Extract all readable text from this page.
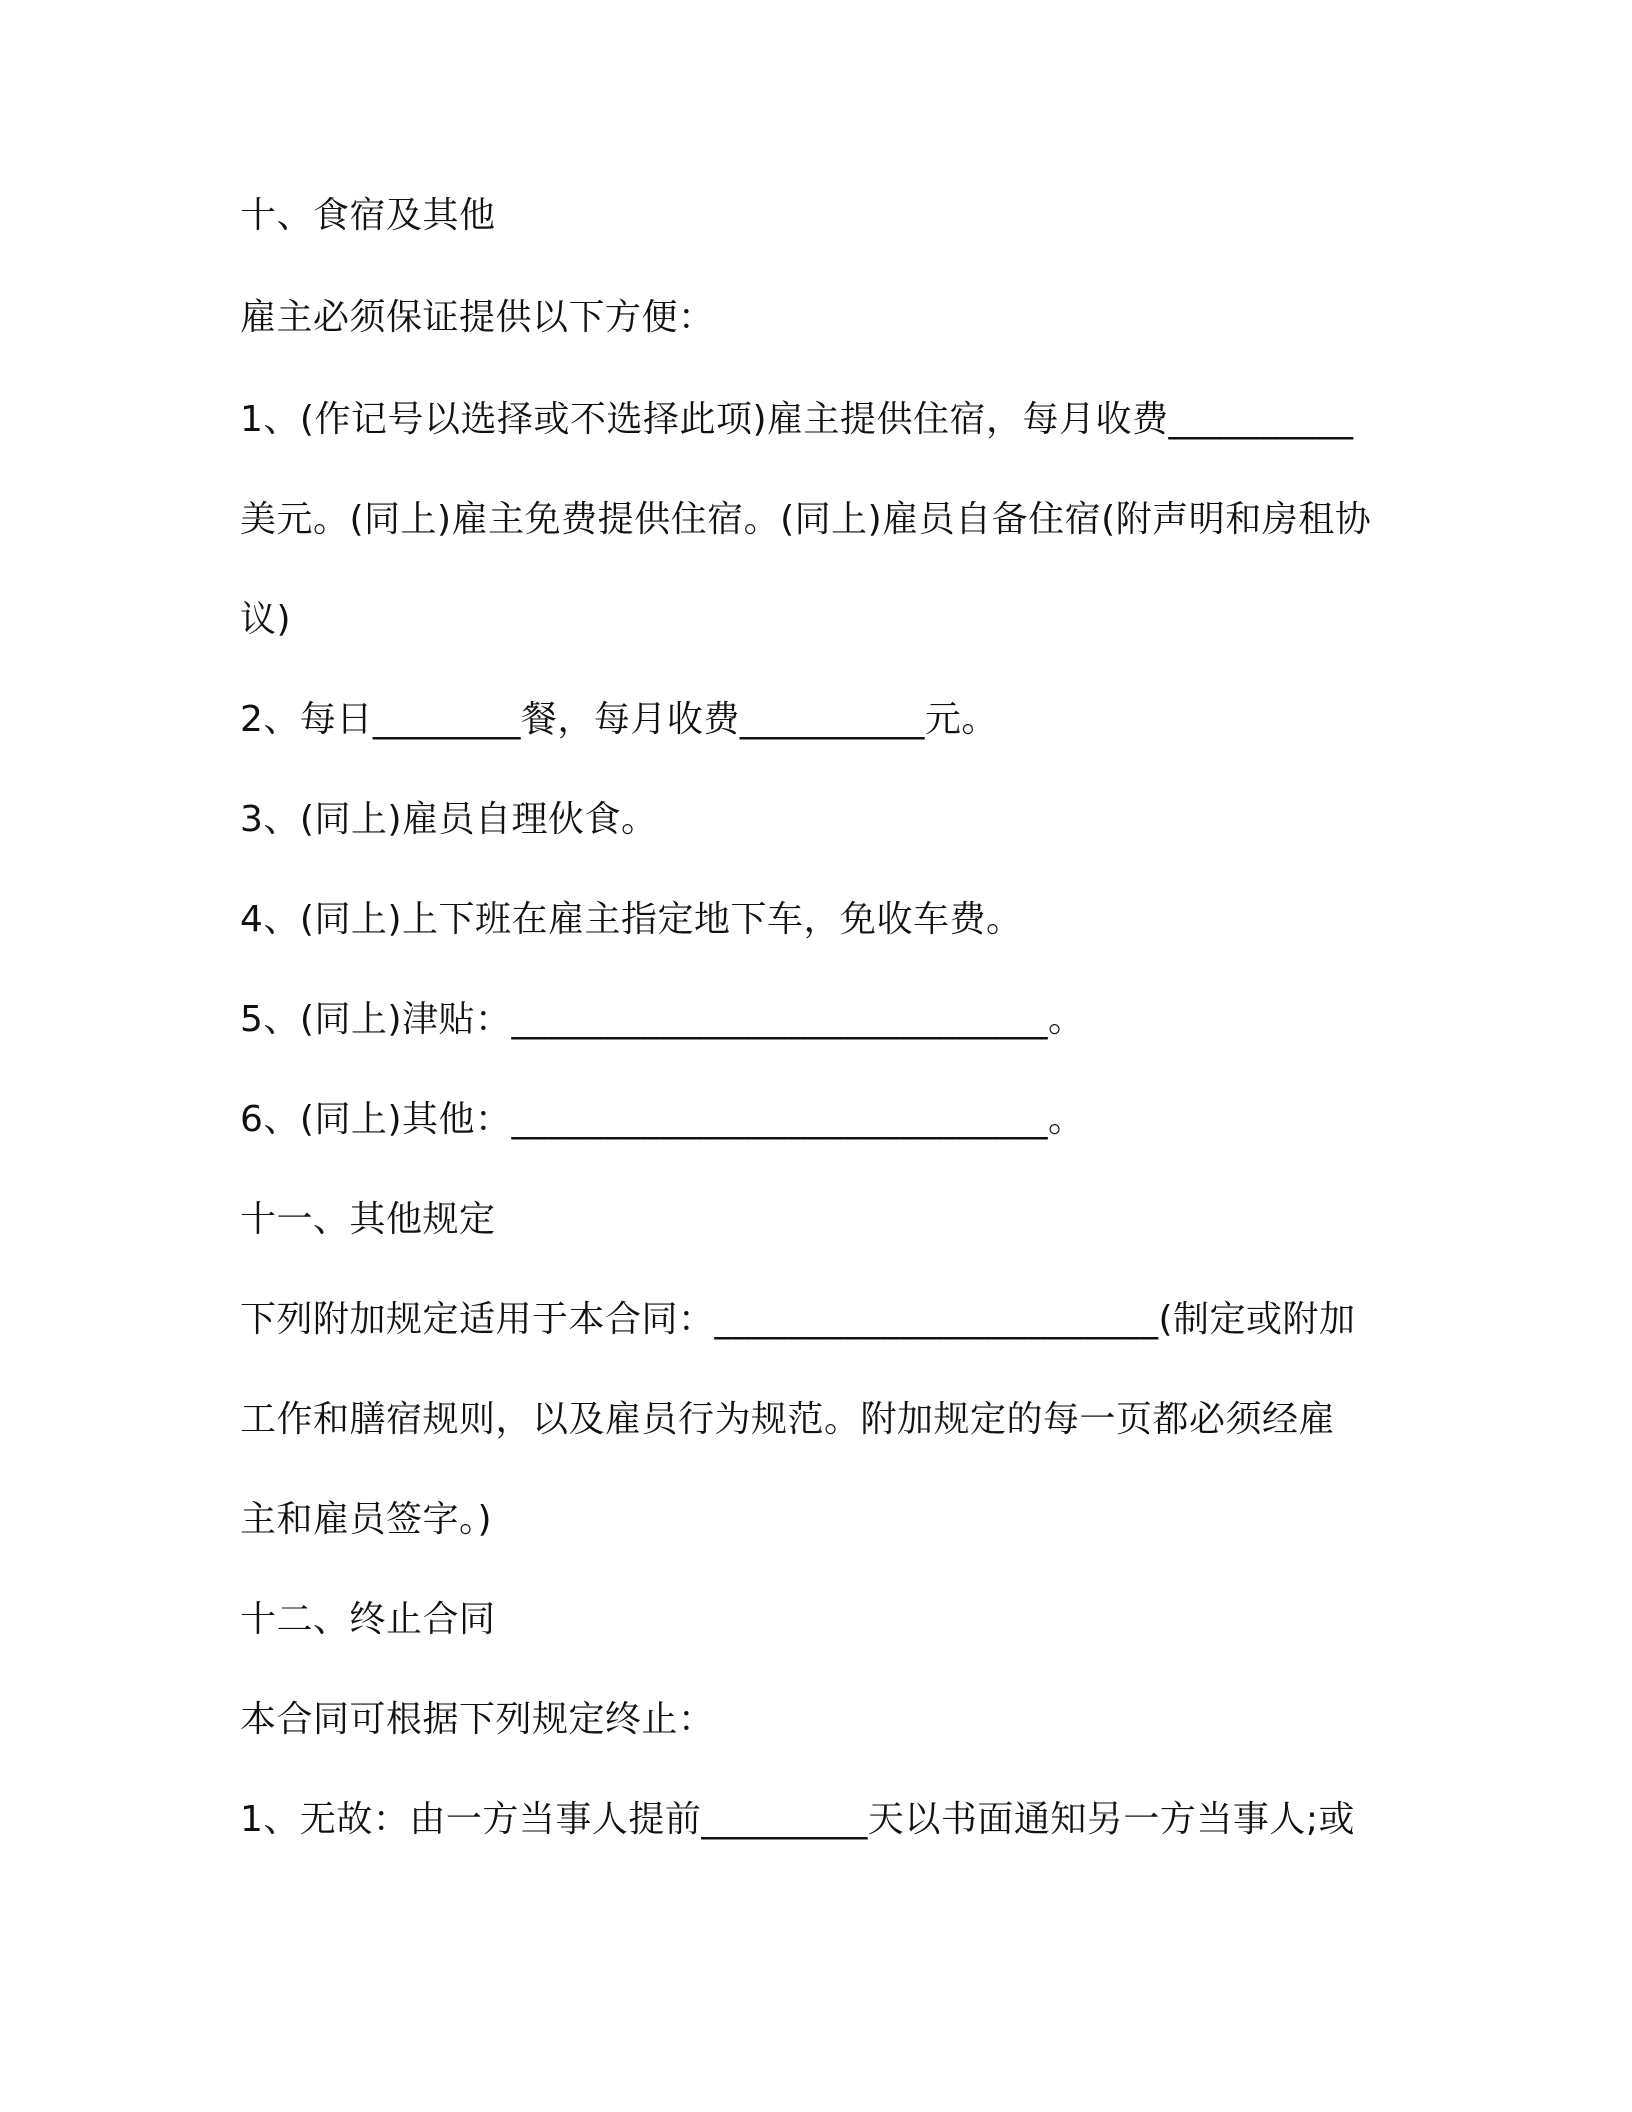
十、食宿及其他
雇主必须保证提供以下方便：
1、(作记号以选择或不选择此项)雇主提供住宿，每月收费__________
美元。(同上)雇主免费提供住宿。(同上)雇员自备住宿(附声明和房租协
议)
2、每日________餐，每月收费__________元。
3、(同上)雇员自理伙食。
4、(同上)上下班在雇主指定地下车，免收车费。
5、(同上)津贴：_____________________________。
6、(同上)其他：_____________________________。
十一、其他规定
下列附加规定适用于本合同：________________________(制定或附加
工作和膳宿规则，以及雇员行为规范。附加规定的每一页都必须经雇
主和雇员签字。)
十二、终止合同
本合同可根据下列规定终止：
1、无故：由一方当事人提前_________天以书面通知另一方当事人;或
